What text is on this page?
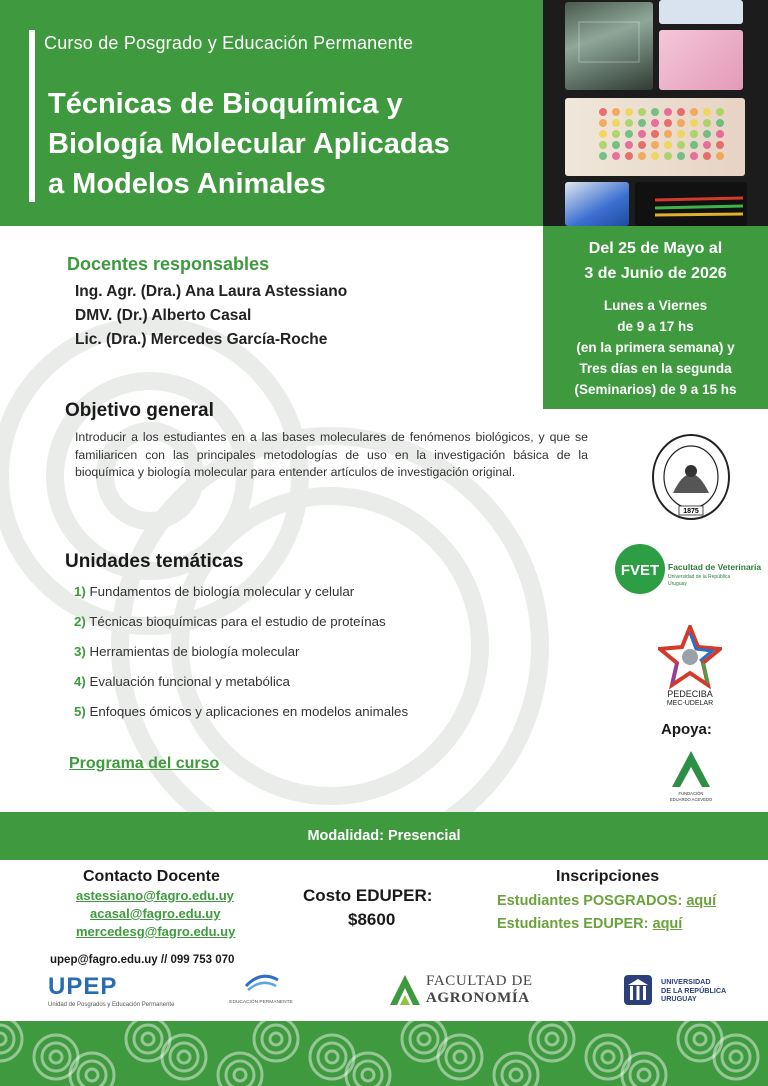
Curso de Posgrado y Educación Permanente
Técnicas de Bioquímica y
Biología Molecular Aplicadas
a Modelos Animales
Del 25 de Mayo al
3 de Junio de 2026
Lunes a Viernes
de 9 a 17 hs
(en la primera semana) y
Tres días en la segunda
(Seminarios) de 9 a 15 hs
Docentes responsables
Ing. Agr. (Dra.) Ana Laura Astessiano
DMV. (Dr.) Alberto Casal
Lic. (Dra.) Mercedes García-Roche
Objetivo general
Introducir a los estudiantes en a las bases moleculares de fenómenos biológicos, y que se familiaricen con las principales metodologías de uso en la investigación básica de la bioquímica y biología molecular para entender artículos de investigación original.
Unidades temáticas
1) Fundamentos de biología molecular y celular
2) Técnicas bioquímicas para el estudio de proteínas
3) Herramientas de biología molecular
4) Evaluación funcional y metabólica
5) Enfoques ómicos y aplicaciones en modelos animales
Programa del curso
1875
FVET Facultad de Veterinaria
Universidad de la República
Uruguay
PEDECIBA
MEC-UDELAR
Apoya:
FUNDACIÓN
EDUARDO ACEVEDO
Modalidad: Presencial
Contacto Docente
astessiano@fagro.edu.uy
acasal@fagro.edu.uy
mercedesg@fagro.edu.uy
Costo EDUPER:
$8600
Inscripciones
Estudiantes POSGRADOS: aquí
Estudiantes EDUPER: aquí
upep@fagro.edu.uy // 099 753 070
UPEP
Unidad de Posgrados y Educación Permanente	EDUCACIÓN PERMANENTE
FACULTAD DE
AGRONOMÍA
UNIVERSIDAD
DE LA REPÚBLICA
URUGUAY
